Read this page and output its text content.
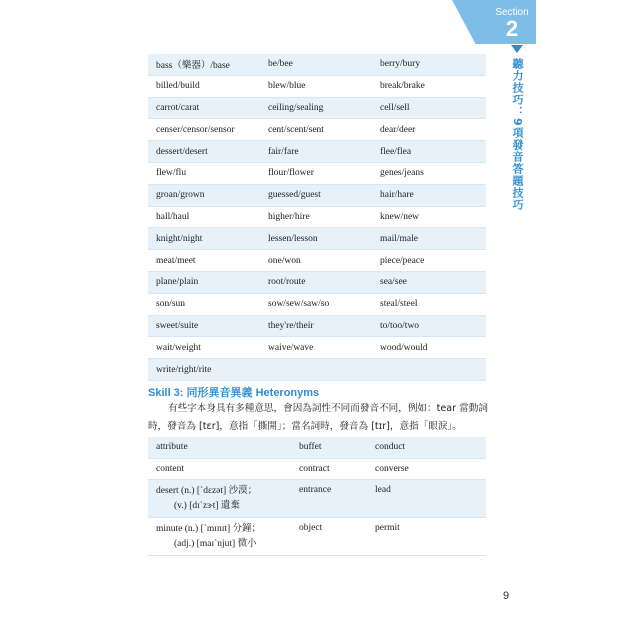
Section
2
聽力技巧：9項發音答題技巧
bass（樂器）/base	be/bee	berry/bury
billed/build	blew/blue	break/brake
carrot/carat	ceiling/sealing	cell/sell
censer/censor/sensor	cent/scent/sent	dear/deer
dessert/desert	fair/fare	flee/flea
flew/flu	flour/flower	genes/jeans
groan/grown	guessed/guest	hair/hare
hall/haul	higher/hire	knew/new
knight/night	lessen/lesson	mail/male
meat/meet	one/won	piece/peace
plane/plain	root/route	sea/see
son/sun	sow/sew/saw/so	steal/steel
sweet/suite	they're/their	to/too/two
wait/weight	waive/wave	wood/would
write/right/rite		
Skill 3: 同形異音異義 Heteronyms
有些字本身具有多種意思，會因為詞性不同而發音不同，例如：tear 當動詞時，發音為 [tɛr]，意指「撕開」；當名詞時，發音為 [tɪr]，意指「眼淚」。
attribute	buffet	conduct
content	contract	converse
desert (n.) [ˋdɛzət] 沙漠；
(v.) [dɪˋzɝt] 遺棄	entrance	lead
minute (n.) [ˋmɪnɪt] 分鐘；
(adj.) [maɪˋnjut] 微小	object	permit
9
